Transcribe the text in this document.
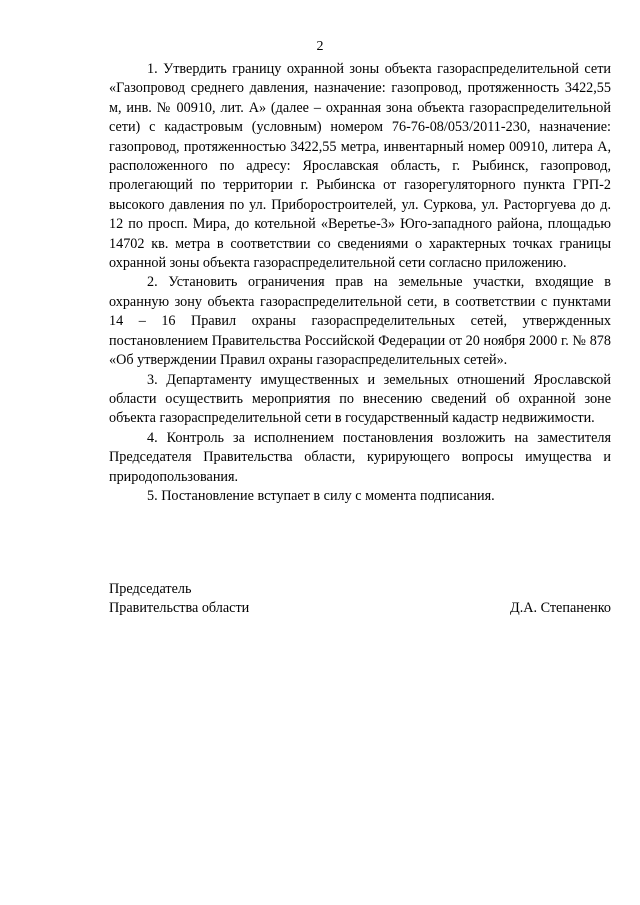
2

1. Утвердить границу охранной зоны объекта газораспределительной сети «Газопровод среднего давления, назначение: газопровод, протяженность 3422,55 м, инв. № 00910, лит. А» (далее – охранная зона объекта газораспределительной сети) с кадастровым (условным) номером 76-76-08/053/2011-230, назначение: газопровод, протяженностью 3422,55 метра, инвентарный номер 00910, литера А, расположенного по адресу: Ярославская область, г. Рыбинск, газопровод, пролегающий по территории г. Рыбинска от газорегуляторного пункта ГРП-2 высокого давления по ул. Приборостроителей, ул. Суркова, ул. Расторгуева до д. 12 по просп. Мира, до котельной «Веретье-3» Юго-западного района, площадью 14702 кв. метра в соответствии со сведениями о характерных точках границы охранной зоны объекта газораспределительной сети согласно приложению.

2. Установить ограничения прав на земельные участки, входящие в охранную зону объекта газораспределительной сети, в соответствии с пунктами 14 – 16 Правил охраны газораспределительных сетей, утвержденных постановлением Правительства Российской Федерации от 20 ноября 2000 г. № 878 «Об утверждении Правил охраны газораспределительных сетей».

3. Департаменту имущественных и земельных отношений Ярославской области осуществить мероприятия по внесению сведений об охранной зоне объекта газораспределительной сети в государственный кадастр недвижимости.

4. Контроль за исполнением постановления возложить на заместителя Председателя Правительства области, курирующего вопросы имущества и природопользования.

5. Постановление вступает в силу с момента подписания.

Председатель
Правительства области	Д.А. Степаненко
